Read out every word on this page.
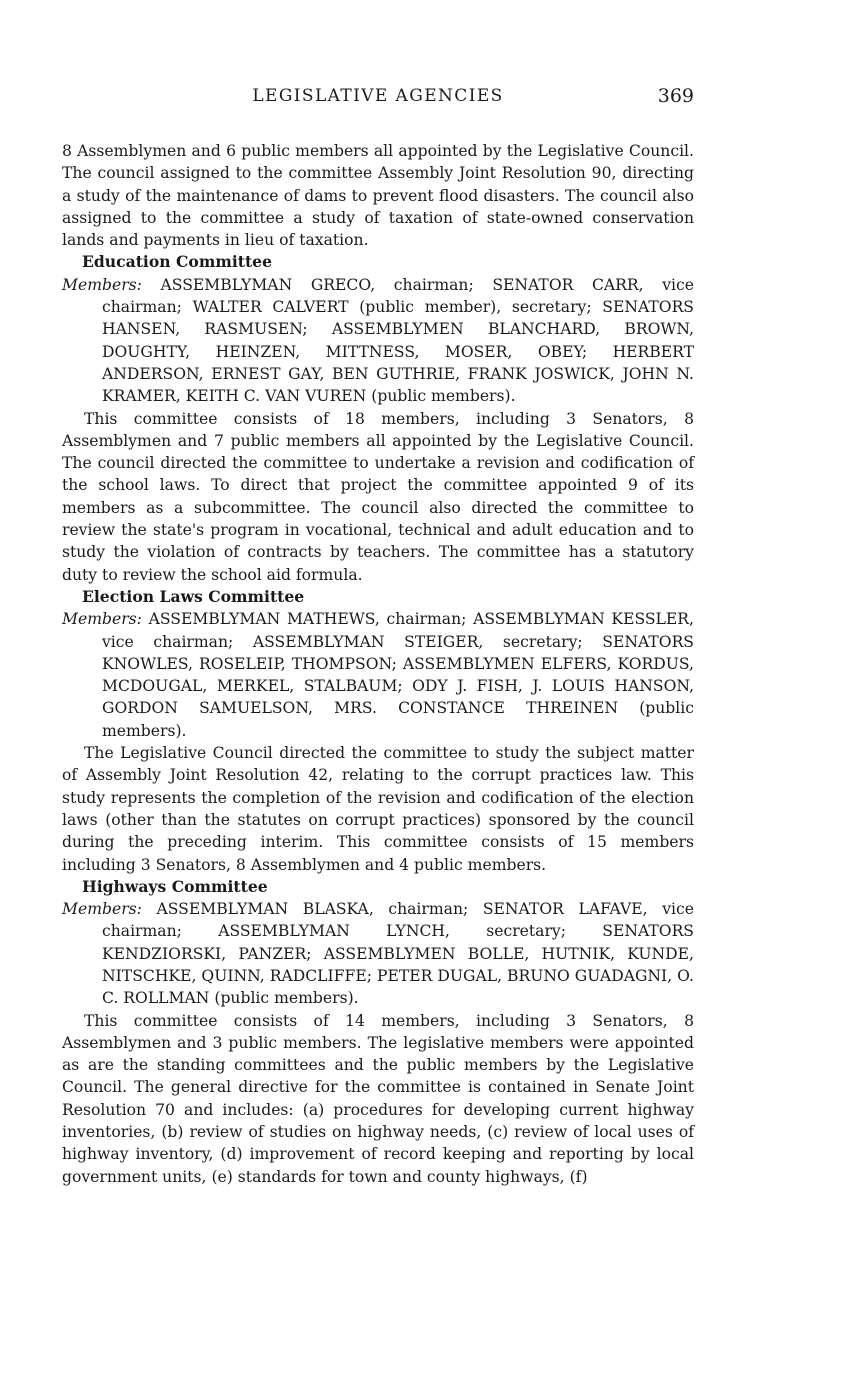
LEGISLATIVE AGENCIES	369

8 Assemblymen and 6 public members all appointed by the Legislative Council. The council assigned to the committee Assembly Joint Resolution 90, directing a study of the maintenance of dams to prevent flood disasters. The council also assigned to the committee a study of taxation of state-owned conservation lands and payments in lieu of taxation.

Education Committee

Members: ASSEMBLYMAN GRECO, chairman; SENATOR CARR, vice chairman; WALTER CALVERT (public member), secretary; SENATORS HANSEN, RASMUSEN; ASSEMBLYMEN BLANCHARD, BROWN, DOUGHTY, HEINZEN, MITTNESS, MOSER, OBEY; HERBERT ANDERSON, ERNEST GAY, BEN GUTHRIE, FRANK JOSWICK, JOHN N. KRAMER, KEITH C. VAN VUREN (public members).

This committee consists of 18 members, including 3 Senators, 8 Assemblymen and 7 public members all appointed by the Legislative Council. The council directed the committee to undertake a revision and codification of the school laws. To direct that project the committee appointed 9 of its members as a subcommittee. The council also directed the committee to review the state's program in vocational, technical and adult education and to study the violation of contracts by teachers. The committee has a statutory duty to review the school aid formula.

Election Laws Committee

Members: ASSEMBLYMAN MATHEWS, chairman; ASSEMBLYMAN KESSLER, vice chairman; ASSEMBLYMAN STEIGER, secretary; SENATORS KNOWLES, ROSELEIP, THOMPSON; ASSEMBLYMEN ELFERS, KORDUS, MCDOUGAL, MERKEL, STALBAUM; ODY J. FISH, J. LOUIS HANSON, GORDON SAMUELSON, MRS. CONSTANCE THREINEN (public members).

The Legislative Council directed the committee to study the subject matter of Assembly Joint Resolution 42, relating to the corrupt practices law. This study represents the completion of the revision and codification of the election laws (other than the statutes on corrupt practices) sponsored by the council during the preceding interim. This committee consists of 15 members including 3 Senators, 8 Assemblymen and 4 public members.

Highways Committee

Members: ASSEMBLYMAN BLASKA, chairman; SENATOR LAFAVE, vice chairman; ASSEMBLYMAN LYNCH, secretary; SENATORS KENDZIORSKI, PANZER; ASSEMBLYMEN BOLLE, HUTNIK, KUNDE, NITSCHKE, QUINN, RADCLIFFE; PETER DUGAL, BRUNO GUADAGNI, O. C. ROLLMAN (public members).

This committee consists of 14 members, including 3 Senators, 8 Assemblymen and 3 public members. The legislative members were appointed as are the standing committees and the public members by the Legislative Council. The general directive for the committee is contained in Senate Joint Resolution 70 and includes: (a) procedures for developing current highway inventories, (b) review of studies on highway needs, (c) review of local uses of highway inventory, (d) improvement of record keeping and reporting by local government units, (e) standards for town and county highways, (f)
